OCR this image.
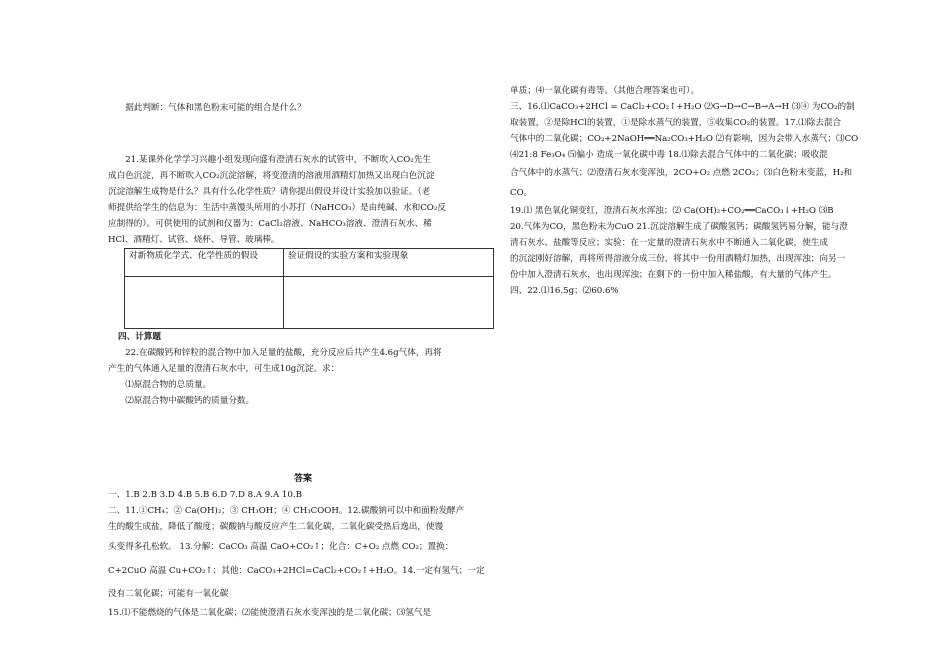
据此判断：气体和黑色粉末可能的组合是什么？

21.某课外化学学习兴趣小组发现向盛有澄清石灰水的试管中，不断吹入CO₂先生

成白色沉淀，再不断吹入CO₂沉淀溶解，将变澄清的溶液用酒精灯加热又出现白色沉淀

沉淀溶解生成物是什么？具有什么化学性质？请你提出假设并设计实验加以验证。（老

师提供给学生的信息为：生活中蒸馒头所用的小苏打（NaHCO₃）是由纯碱、水和CO₂反

应制得的）。可供使用的试剂和仪器为：CaCl₂溶液、NaHCO₃溶液、澄清石灰水、稀

HCl、酒精灯、试管、烧杯、导管、玻璃棒。

对新物质化学式、化学性质的假设	验证假设的实验方案和实验现象

四、计算题

22.在碳酸钙和锌粒的混合物中加入足量的盐酸，充分反应后共产生4.6g气体，再将

产生的气体通入足量的澄清石灰水中，可生成10g沉淀。求：

⑴原混合物的总质量。

⑵原混合物中碳酸钙的质量分数。

答案

一、1.B 2.B 3.D 4.B 5.B 6.D 7.D 8.A 9.A 10.B

二、11.①CH₄；② Ca(OH)₂；③ CH₃OH；④ CH₃COOH。12.碳酸钠可以中和面粉发酵产

生的酸生成盐，降低了酸度；碳酸钠与酸反应产生二氧化碳，二氧化碳受热后逸出，使馒

头变得多孔松软。 13.分解：CaCO₃ 高温 CaO+CO₂↑；化合：C+O₂ 点燃 CO₂；置换：

C+2CuO 高温 Cu+CO₂↑；其他：CaCO₃+2HCl=CaCl₂+CO₂↑+H₂O。14.一定有氢气；一定

没有二氧化碳；可能有一氧化碳

15.⑴不能燃烧的气体是二氧化碳；⑵能使澄清石灰水变浑浊的是二氧化碳；⑶氢气是

单质；⑷一氧化碳有毒等。（其他合理答案也可）。

三、16.⑴CaCO₃+2HCl = CaCl₂+CO₂↑+H₂O ⑵G→D→C→B→A→H ⑶④ 为CO₂的制

取装置，②是除HCl的装置，①是除水蒸气的装置，⑤收集CO₂的装置。17.⑴除去混合

气体中的二氧化碳；CO₂+2NaOH══Na₂CO₃+H₂O ⑵有影响，因为会带入水蒸气；⑶CO

⑷21:8 Fe₃O₄ ⑸偏小 造成一氧化碳中毒 18.⑴除去混合气体中的二氧化碳；吸收混

合气体中的水蒸气；⑵澄清石灰水变浑浊，2CO+O₂ 点燃 2CO₂；⑶白色粉末变蓝，H₂和

CO。

19.⑴ 黑色氧化铜变红，澄清石灰水浑浊；⑵ Ca(OH)₂+CO₂══CaCO₃↓+H₂O ⑶B

20.气体为CO，黑色粉末为CuO 21.沉淀溶解生成了碳酸氢钙；碳酸氢钙易分解，能与澄

清石灰水、盐酸等反应；实验：在一定量的澄清石灰水中不断通入二氧化碳，使生成

的沉淀刚好溶解，再将所得溶液分成三份，将其中一份用酒精灯加热，出现浑浊；向另一

份中加入澄清石灰水，也出现浑浊；在剩下的一份中加入稀盐酸，有大量的气体产生。

四、22.⑴16.5g；⑵60.6%
